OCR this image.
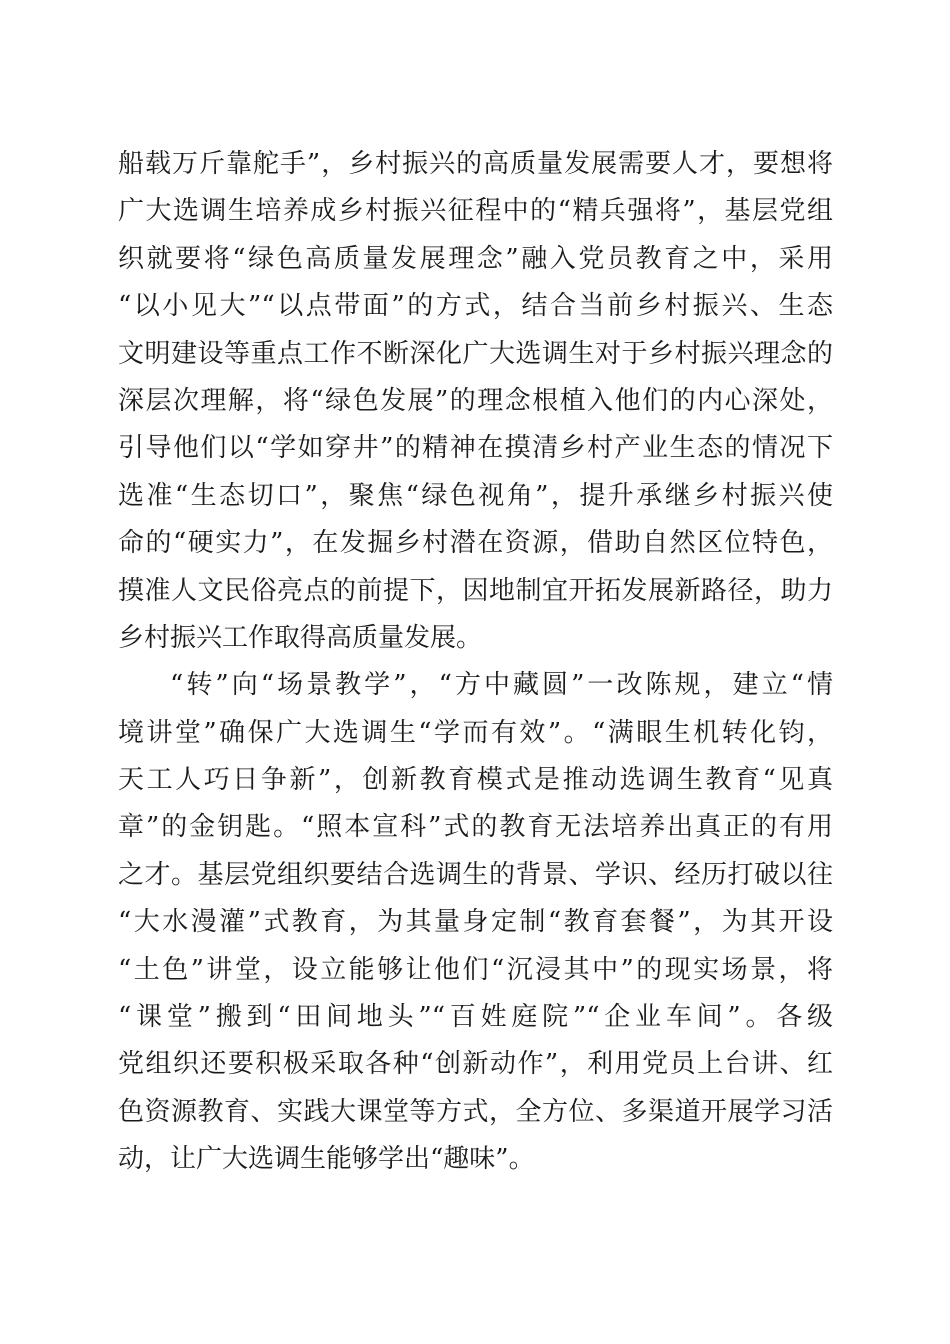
船载万斤靠舵手”，乡村振兴的高质量发展需要人才，要想将
广大选调生培养成乡村振兴征程中的“精兵强将”，基层党组
织就要将“绿色高质量发展理念”融入党员教育之中，采用
“以小见大”“以点带面”的方式，结合当前乡村振兴、生态
文明建设等重点工作不断深化广大选调生对于乡村振兴理念的
深层次理解，将“绿色发展”的理念根植入他们的内心深处，
引导他们以“学如穿井”的精神在摸清乡村产业生态的情况下
选准“生态切口”，聚焦“绿色视角”，提升承继乡村振兴使
命的“硬实力”，在发掘乡村潜在资源，借助自然区位特色，
摸准人文民俗亮点的前提下，因地制宜开拓发展新路径，助力
乡村振兴工作取得高质量发展。
“转”向“场景教学”，“方中藏圆”一改陈规，建立“情
境讲堂”确保广大选调生“学而有效”。“满眼生机转化钧，
天工人巧日争新”，创新教育模式是推动选调生教育“见真
章”的金钥匙。“照本宣科”式的教育无法培养出真正的有用
之才。基层党组织要结合选调生的背景、学识、经历打破以往
“大水漫灌”式教育，为其量身定制“教育套餐”，为其开设
“土色”讲堂，设立能够让他们“沉浸其中”的现实场景，将
“课堂”搬到“田间地头”“百姓庭院”“企业车间”。各级
党组织还要积极采取各种“创新动作”，利用党员上台讲、红
色资源教育、实践大课堂等方式，全方位、多渠道开展学习活
动，让广大选调生能够学出“趣味”。
